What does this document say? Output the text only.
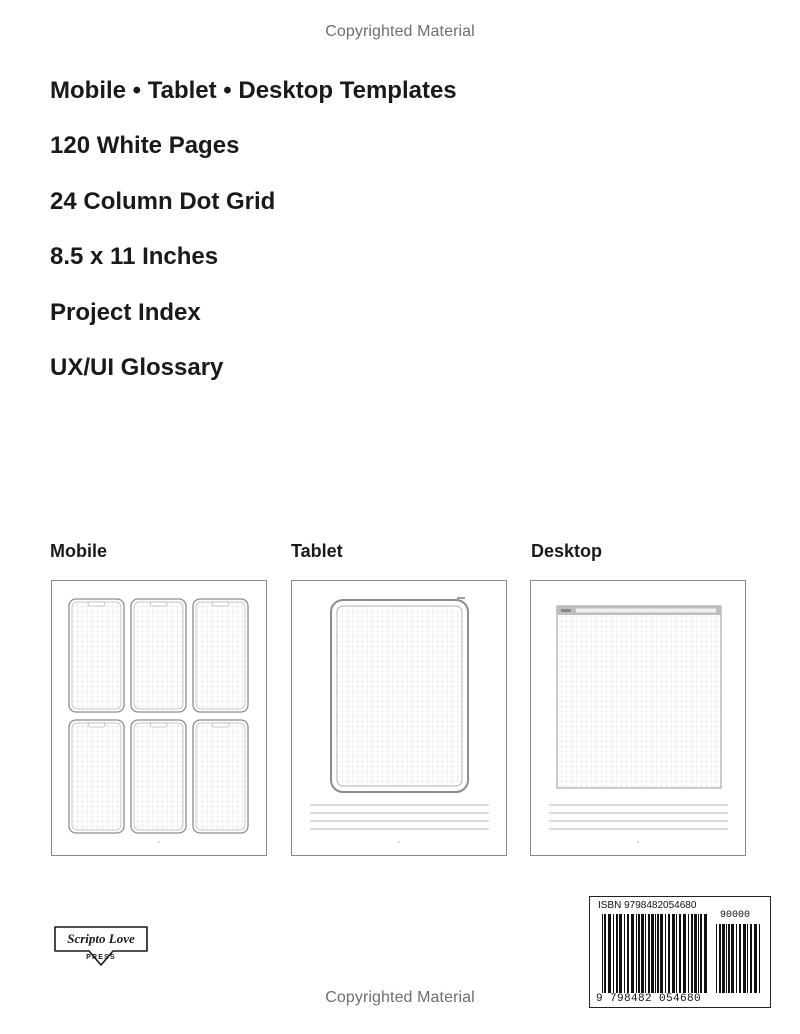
Copyrighted Material
Mobile • Tablet • Desktop Templates
120 White Pages
24 Column Dot Grid
8.5 x 11 Inches
Project Index
UX/UI Glossary
Mobile	Tablet	Desktop
•	•	•
Scripto Love
PRESS
ISBN 9798482054680
90000
9 798482 054680
Copyrighted Material
